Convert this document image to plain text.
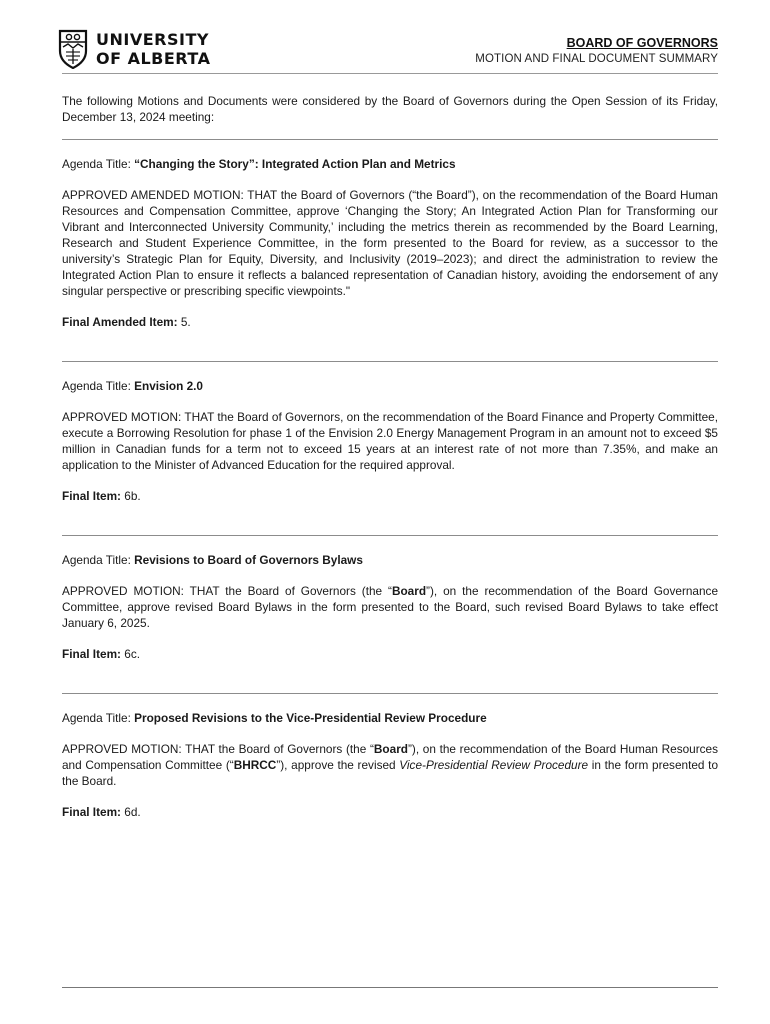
UNIVERSITY
OF ALBERTA
BOARD OF GOVERNORS
MOTION AND FINAL DOCUMENT SUMMARY

The following Motions and Documents were considered by the Board of Governors during the Open Session of its Friday, December 13, 2024 meeting:

Agenda Title: “Changing the Story”: Integrated Action Plan and Metrics

APPROVED AMENDED MOTION: THAT the Board of Governors (“the Board”), on the recommendation of the Board Human Resources and Compensation Committee, approve ‘Changing the Story; An Integrated Action Plan for Transforming our Vibrant and Interconnected University Community,’ including the metrics therein as recommended by the Board Learning, Research and Student Experience Committee, in the form presented to the Board for review, as a successor to the university’s Strategic Plan for Equity, Diversity, and Inclusivity (2019–2023); and direct the administration to review the Integrated Action Plan to ensure it reflects a balanced representation of Canadian history, avoiding the endorsement of any singular perspective or prescribing specific viewpoints."

Final Amended Item: 5.

Agenda Title: Envision 2.0

APPROVED MOTION: THAT the Board of Governors, on the recommendation of the Board Finance and Property Committee, execute a Borrowing Resolution for phase 1 of the Envision 2.0 Energy Management Program in an amount not to exceed $5 million in Canadian funds for a term not to exceed 15 years at an interest rate of not more than 7.35%, and make an application to the Minister of Advanced Education for the required approval.

Final Item: 6b.

Agenda Title: Revisions to Board of Governors Bylaws

APPROVED MOTION: THAT the Board of Governors (the “Board”), on the recommendation of the Board Governance Committee, approve revised Board Bylaws in the form presented to the Board, such revised Board Bylaws to take effect January 6, 2025.

Final Item: 6c.

Agenda Title: Proposed Revisions to the Vice-Presidential Review Procedure

APPROVED MOTION: THAT the Board of Governors (the “Board”), on the recommendation of the Board Human Resources and Compensation Committee (“BHRCC”), approve the revised Vice-Presidential Review Procedure in the form presented to the Board.

Final Item: 6d.
